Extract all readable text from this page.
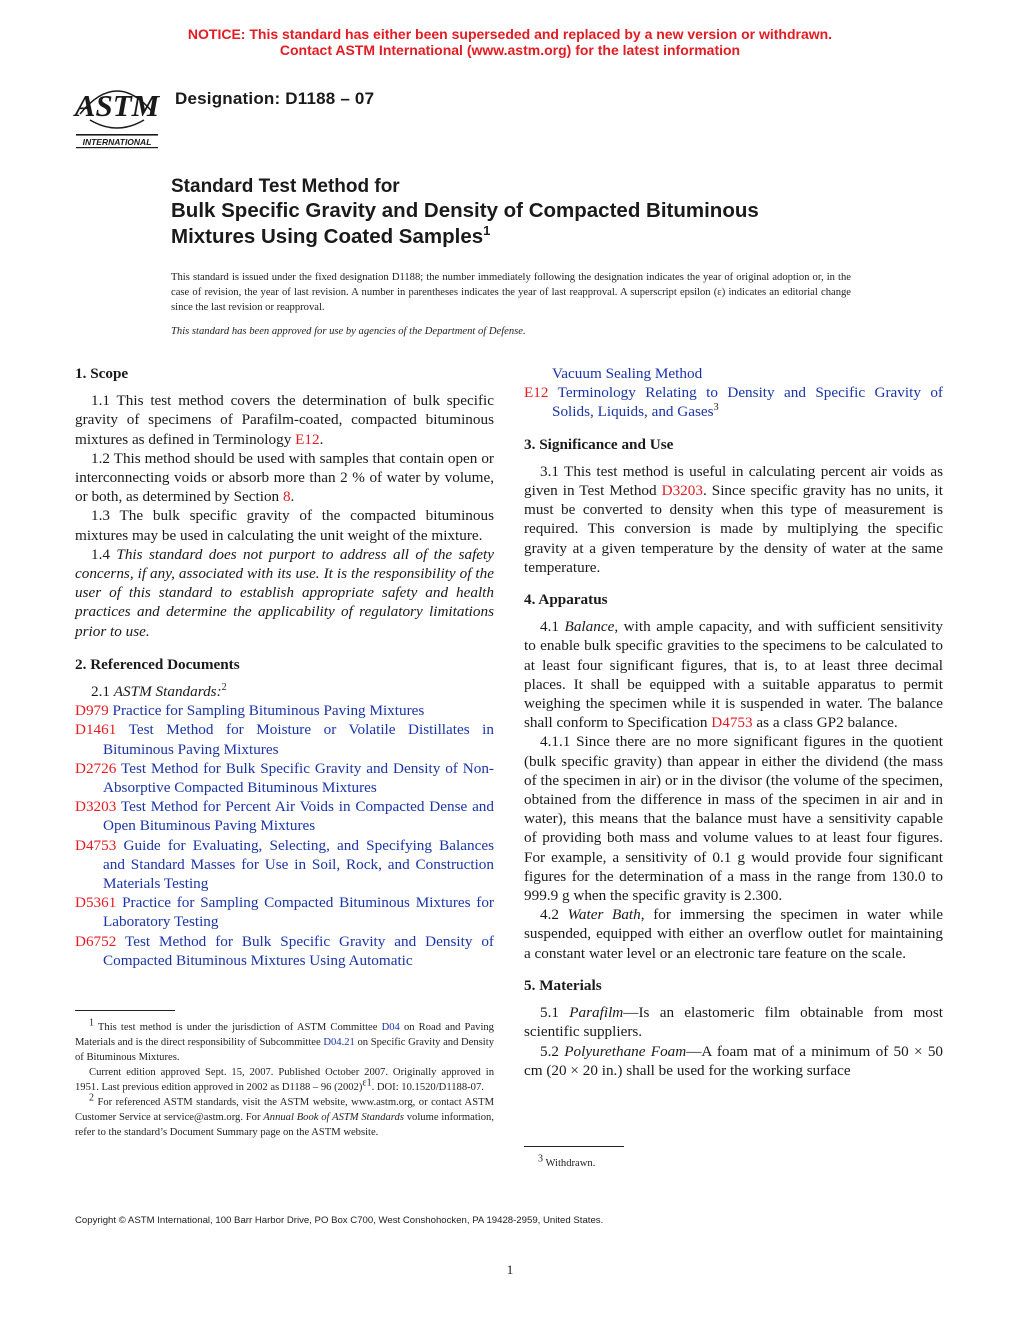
NOTICE: This standard has either been superseded and replaced by a new version or withdrawn.
Contact ASTM International (www.astm.org) for the latest information
ASTM
INTERNATIONAL
Designation: D1188 – 07
Standard Test Method for
Bulk Specific Gravity and Density of Compacted Bituminous
Mixtures Using Coated Samples$^1$
This standard is issued under the fixed designation D1188; the number immediately following the designation indicates the year of original adoption or, in the case of revision, the year of last revision. A number in parentheses indicates the year of last reapproval. A superscript epsilon (ε) indicates an editorial change since the last revision or reapproval.
This standard has been approved for use by agencies of the Department of Defense.

1. Scope

1.1 This test method covers the determination of bulk specific gravity of specimens of Parafilm-coated, compacted bituminous mixtures as defined in Terminology E12.

1.2 This method should be used with samples that contain open or interconnecting voids or absorb more than 2 % of water by volume, or both, as determined by Section 8.

1.3 The bulk specific gravity of the compacted bituminous mixtures may be used in calculating the unit weight of the mixture.

1.4 This standard does not purport to address all of the safety concerns, if any, associated with its use. It is the responsibility of the user of this standard to establish appropriate safety and health practices and determine the applicability of regulatory limitations prior to use.

2. Referenced Documents

2.1 ASTM Standards:$^2$

D979 Practice for Sampling Bituminous Paving Mixtures

D1461 Test Method for Moisture or Volatile Distillates in Bituminous Paving Mixtures

D2726 Test Method for Bulk Specific Gravity and Density of Non-Absorptive Compacted Bituminous Mixtures

D3203 Test Method for Percent Air Voids in Compacted Dense and Open Bituminous Paving Mixtures

D4753 Guide for Evaluating, Selecting, and Specifying Balances and Standard Masses for Use in Soil, Rock, and Construction Materials Testing

D5361 Practice for Sampling Compacted Bituminous Mixtures for Laboratory Testing

D6752 Test Method for Bulk Specific Gravity and Density of Compacted Bituminous Mixtures Using Automatic

$^1$ This test method is under the jurisdiction of ASTM Committee D04 on Road and Paving Materials and is the direct responsibility of Subcommittee D04.21 on Specific Gravity and Density of Bituminous Mixtures.

Current edition approved Sept. 15, 2007. Published October 2007. Originally approved in 1951. Last previous edition approved in 2002 as D1188 – 96 $(2002)^{\varepsilon 1}$. DOI: 10.1520/D1188-07.

$^2$ For referenced ASTM standards, visit the ASTM website, www.astm.org, or contact ASTM Customer Service at service@astm.org. For Annual Book of ASTM Standards volume information, refer to the standard’s Document Summary page on the ASTM website.

Vacuum Sealing Method

E12 Terminology Relating to Density and Specific Gravity of Solids, Liquids, and Gases$^3$

3. Significance and Use

3.1 This test method is useful in calculating percent air voids as given in Test Method D3203. Since specific gravity has no units, it must be converted to density when this type of measurement is required. This conversion is made by multiplying the specific gravity at a given temperature by the density of water at the same temperature.

4. Apparatus

4.1 Balance, with ample capacity, and with sufficient sensitivity to enable bulk specific gravities to the specimens to be calculated to at least four significant figures, that is, to at least three decimal places. It shall be equipped with a suitable apparatus to permit weighing the specimen while it is suspended in water. The balance shall conform to Specification D4753 as a class GP2 balance.

4.1.1 Since there are no more significant figures in the quotient (bulk specific gravity) than appear in either the dividend (the mass of the specimen in air) or in the divisor (the volume of the specimen, obtained from the difference in mass of the specimen in air and in water), this means that the balance must have a sensitivity capable of providing both mass and volume values to at least four figures. For example, a sensitivity of 0.1 g would provide four significant figures for the determination of a mass in the range from 130.0 to 999.9 g when the specific gravity is 2.300.

4.2 Water Bath, for immersing the specimen in water while suspended, equipped with either an overflow outlet for maintaining a constant water level or an electronic tare feature on the scale.

5. Materials

5.1 Parafilm—Is an elastomeric film obtainable from most scientific suppliers.

5.2 Polyurethane Foam—A foam mat of a minimum of 50 × 50 cm (20 × 20 in.) shall be used for the working surface

$^3$ Withdrawn.

Copyright © ASTM International, 100 Barr Harbor Drive, PO Box C700, West Conshohocken, PA 19428-2959, United States.
1
